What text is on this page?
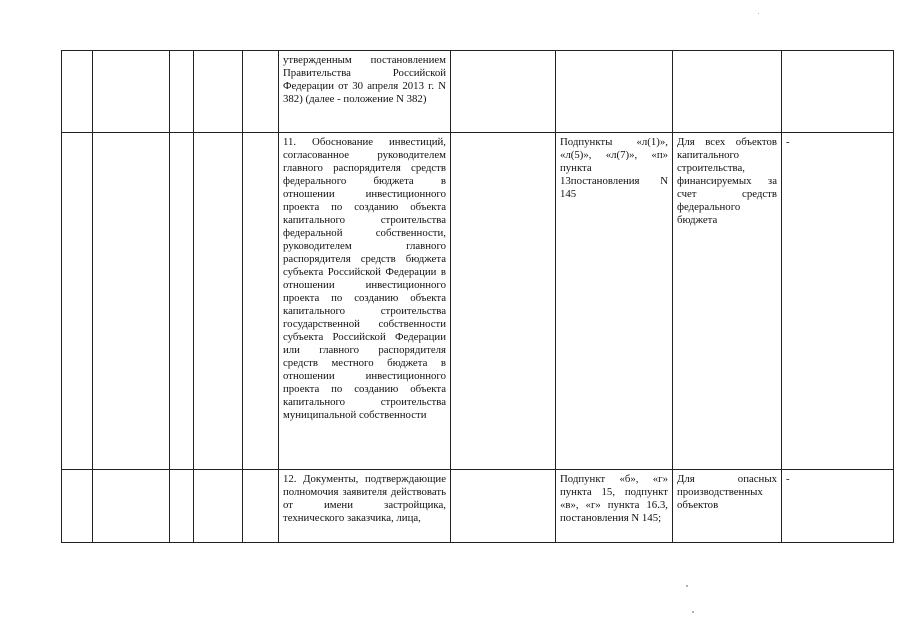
					утвержденным постановлением Правительства Российской Федерации от 30 апреля 2013 г. N 382) (далее - положение N 382)				
					11. Обоснование инвестиций, согласованное руководителем главного распорядителя средств федерального бюджета в отношении инвестиционного проекта по созданию объекта капитального строительства федеральной собственности, руководителем главного распорядителя средств бюджета субъекта Российской Федерации в отношении инвестиционного проекта по созданию объекта капитального строительства государственной собственности субъекта Российской Федерации или главного распорядителя средств местного бюджета в отношении инвестиционного проекта по созданию объекта капитального строительства муниципальной собственности		Подпункты «л(1)», «л(5)», «л(7)», «п» пункта 13постановления N 145	Для всех объектов капитального строительства, финансируемых за счет средств федерального бюджета	-
					12. Документы, подтверждающие полномочия заявителя действовать от имени застройщика, технического заказчика, лица,		Подпункт «б», «г» пункта 15, подпункт «в», «г» пункта 16.3, постановления N 145;	Для опасных производственных объектов	-
